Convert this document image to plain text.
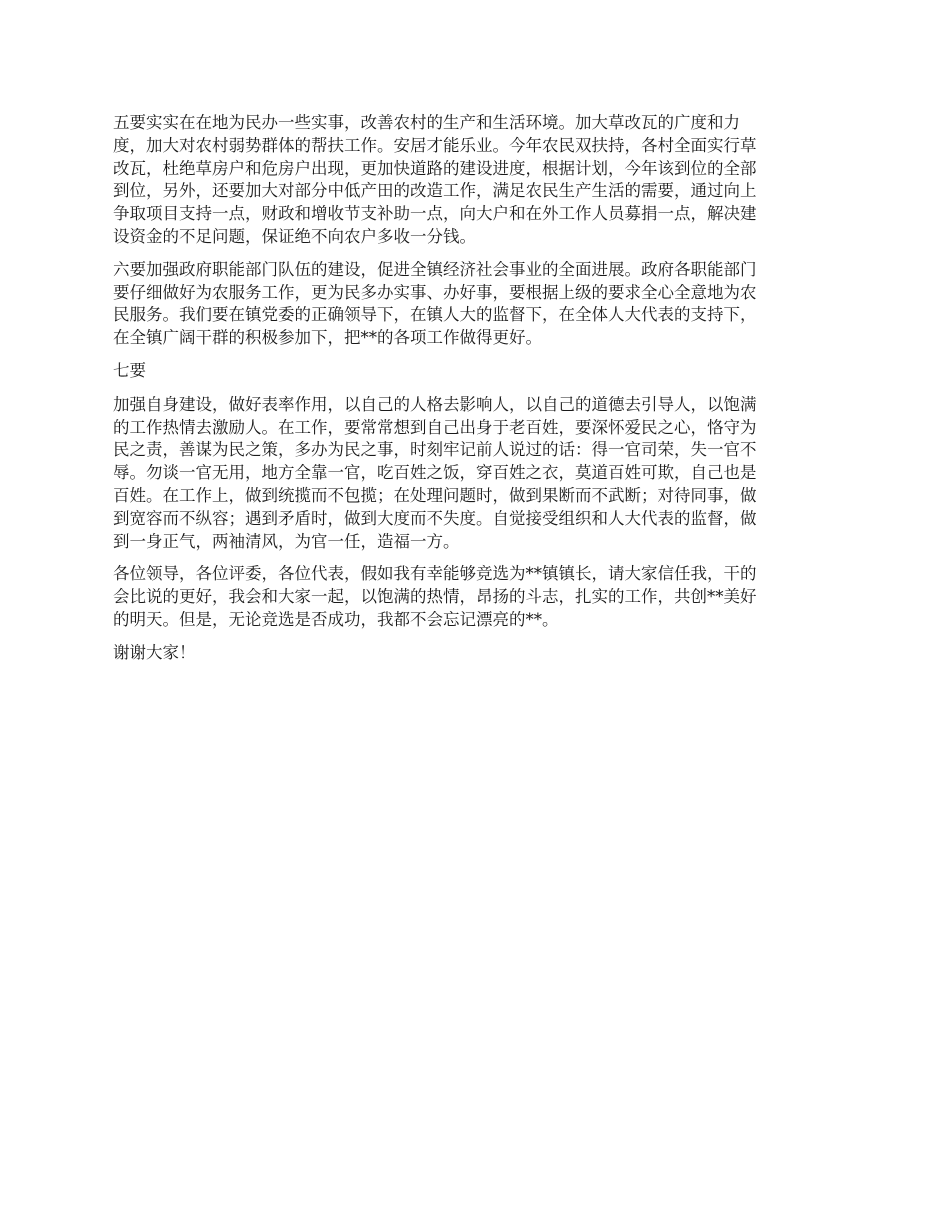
五要实实在在地为民办一些实事，改善农村的生产和生活环境。加大草改瓦的广度和力
度，加大对农村弱势群体的帮扶工作。安居才能乐业。今年农民双扶持，各村全面实行草
改瓦，杜绝草房户和危房户出现，更加快道路的建设进度，根据计划，今年该到位的全部
到位，另外，还要加大对部分中低产田的改造工作，满足农民生产生活的需要，通过向上
争取项目支持一点，财政和增收节支补助一点，向大户和在外工作人员募捐一点，解决建
设资金的不足问题，保证绝不向农户多收一分钱。

六要加强政府职能部门队伍的建设，促进全镇经济社会事业的全面进展。政府各职能部门
要仔细做好为农服务工作，更为民多办实事、办好事，要根据上级的要求全心全意地为农
民服务。我们要在镇党委的正确领导下，在镇人大的监督下，在全体人大代表的支持下，
在全镇广阔干群的积极参加下，把**的各项工作做得更好。

七要

加强自身建设，做好表率作用，以自己的人格去影响人，以自己的道德去引导人，以饱满
的工作热情去激励人。在工作，要常常想到自己出身于老百姓，要深怀爱民之心，恪守为
民之责，善谋为民之策，多办为民之事，时刻牢记前人说过的话：得一官司荣，失一官不
辱。勿谈一官无用，地方全靠一官，吃百姓之饭，穿百姓之衣，莫道百姓可欺，自己也是
百姓。在工作上，做到统揽而不包揽；在处理问题时，做到果断而不武断；对待同事，做
到宽容而不纵容；遇到矛盾时，做到大度而不失度。自觉接受组织和人大代表的监督，做
到一身正气，两袖清风，为官一任，造福一方。

各位领导，各位评委，各位代表，假如我有幸能够竞选为**镇镇长，请大家信任我，干的
会比说的更好，我会和大家一起，以饱满的热情，昂扬的斗志，扎实的工作，共创**美好
的明天。但是，无论竞选是否成功，我都不会忘记漂亮的**。

谢谢大家！
